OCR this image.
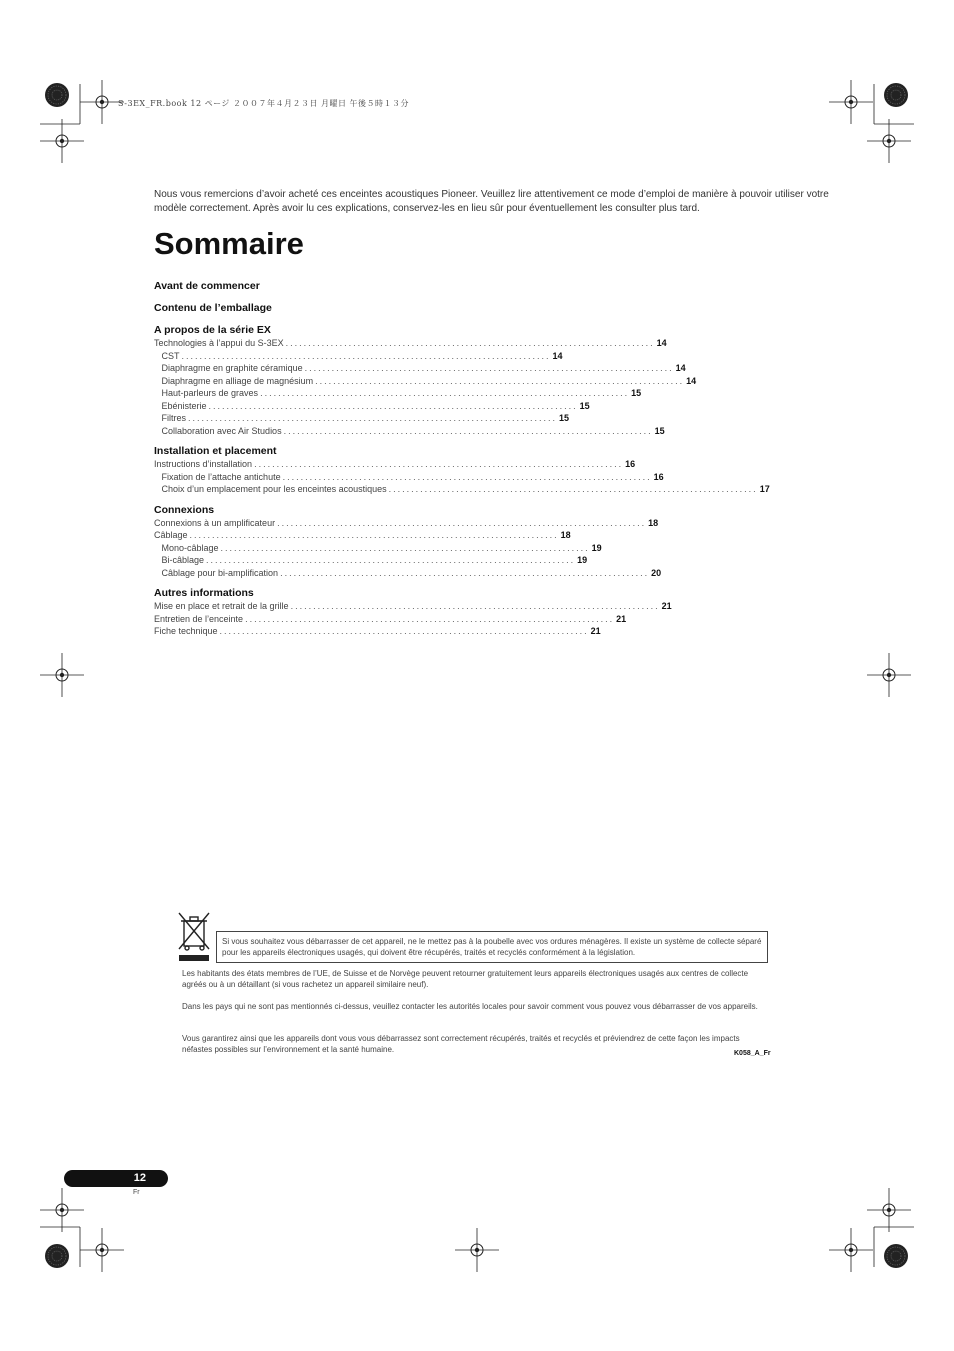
S-3EX_FR.book 12 ページ ２００７年４月２３日 月曜日 午後５時１３分
Nous vous remercions d’avoir acheté ces enceintes acoustiques Pioneer. Veuillez lire attentivement ce mode d’emploi de manière à pouvoir utiliser votre modèle correctement. Après avoir lu ces explications, conservez-les en lieu sûr pour éventuellement les consulter plus tard.
Sommaire
Avant de commencer
Contenu de l’emballage
A propos de la série EX
Technologies à l’appui du S-3EX .................................................................................. 14
CST .................................................................................. 14
Diaphragme en graphite céramique .................................................................................. 14
Diaphragme en alliage de magnésium .................................................................................. 14
Haut-parleurs de graves .................................................................................. 15
Ebénisterie .................................................................................. 15
Filtres .................................................................................. 15
Collaboration avec Air Studios .................................................................................. 15
Installation et placement
Instructions d’installation .................................................................................. 16
Fixation de l’attache antichute .................................................................................. 16
Choix d’un emplacement pour les enceintes acoustiques .................................................................................. 17
Connexions
Connexions à un amplificateur .................................................................................. 18
Câblage .................................................................................. 18
Mono-câblage .................................................................................. 19
Bi-câblage .................................................................................. 19
Câblage pour bi-amplification .................................................................................. 20
Autres informations
Mise en place et retrait de la grille .................................................................................. 21
Entretien de l’enceinte .................................................................................. 21
Fiche technique .................................................................................. 21
Si vous souhaitez vous débarrasser de cet appareil, ne le mettez pas à la poubelle avec vos ordures ménagères. Il existe un système de collecte séparé pour les appareils électroniques usagés, qui doivent être récupérés, traités et recyclés conformément à la législation.

Les habitants des états membres de l’UE, de Suisse et de Norvège peuvent retourner gratuitement leurs appareils électroniques usagés aux centres de collecte agréés ou à un détaillant (si vous rachetez un appareil similaire neuf).

Dans les pays qui ne sont pas mentionnés ci-dessus, veuillez contacter les autorités locales pour savoir comment vous pouvez vous débarrasser de vos appareils.

Vous garantirez ainsi que les appareils dont vous vous débarrassez sont correctement récupérés, traités et recyclés et préviendrez de cette façon les impacts néfastes possibles sur l’environnement et la santé humaine.	K058_A_Fr
12
Fr
